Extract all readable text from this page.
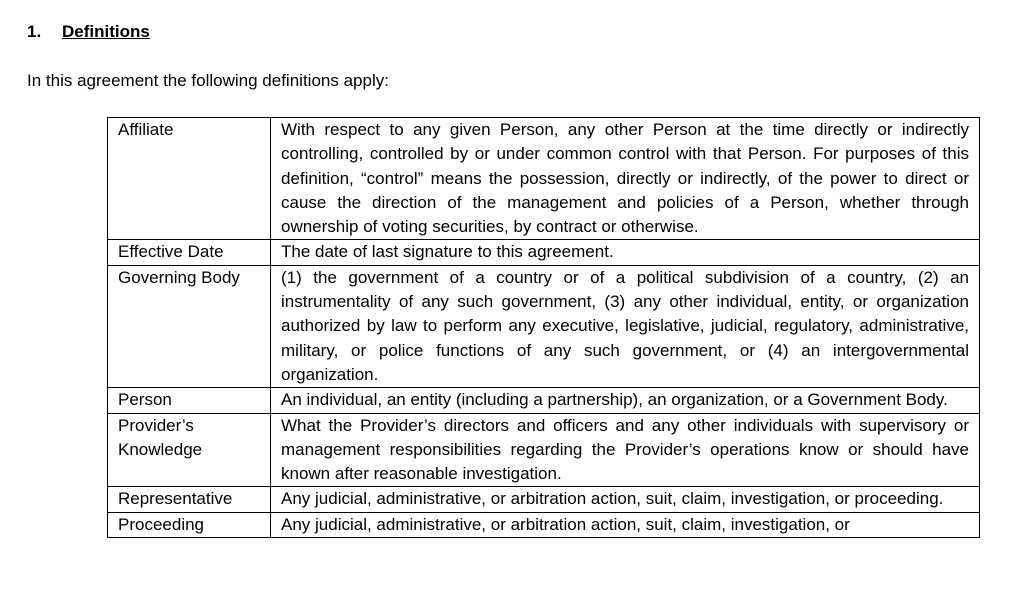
1. Definitions
In this agreement the following definitions apply:
Affiliate	With respect to any given Person, any other Person at the time directly or indirectly controlling, controlled by or under common control with that Person. For purposes of this definition, “control” means the possession, directly or indirectly, of the power to direct or cause the direction of the management and policies of a Person, whether through ownership of voting securities, by contract or otherwise.
Effective Date	The date of last signature to this agreement.
Governing Body	(1) the government of a country or of a political subdivision of a country, (2) an instrumentality of any such government, (3) any other individual, entity, or organization authorized by law to perform any executive, legislative, judicial, regulatory, administrative, military, or police functions of any such government, or (4) an intergovernmental organization.
Person	An individual, an entity (including a partnership), an organization, or a Government Body.
Provider’s Knowledge	What the Provider’s directors and officers and any other individuals with supervisory or management responsibilities regarding the Provider’s operations know or should have known after reasonable investigation.
Representative	Any judicial, administrative, or arbitration action, suit, claim, investigation, or proceeding.
Proceeding	Any judicial, administrative, or arbitration action, suit, claim, investigation, or
